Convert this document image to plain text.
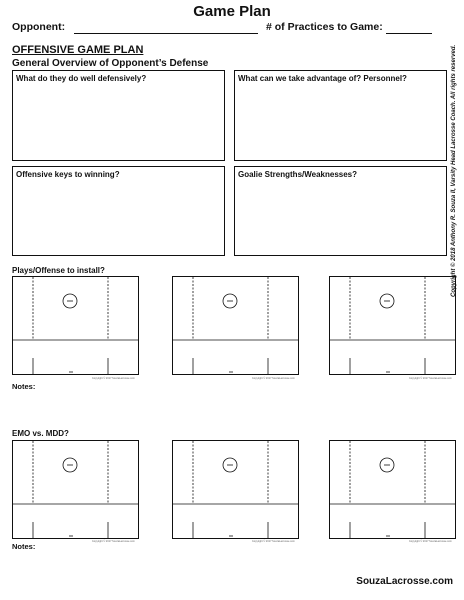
Game Plan
Opponent:	# of Practices to Game:
OFFENSIVE GAME PLAN
General Overview of Opponent’s Defense
What do they do well defensively?	What can we take advantage of? Personnel?
Offensive keys to winning?	Goalie Strengths/Weaknesses?
Plays/Offense to install?
Copyright © 2017 SouzaLacrosse.com	Copyright © 2017 SouzaLacrosse.com	Copyright © 2017 SouzaLacrosse.com
Notes:
EMO vs. MDD?
Copyright © 2017 SouzaLacrosse.com	Copyright © 2017 SouzaLacrosse.com	Copyright © 2017 SouzaLacrosse.com
Notes:
Copyright © 2018 Anthony R. Souza II, Varsity Head Lacrosse Coach. All rights reserved.
SouzaLacrosse.com
